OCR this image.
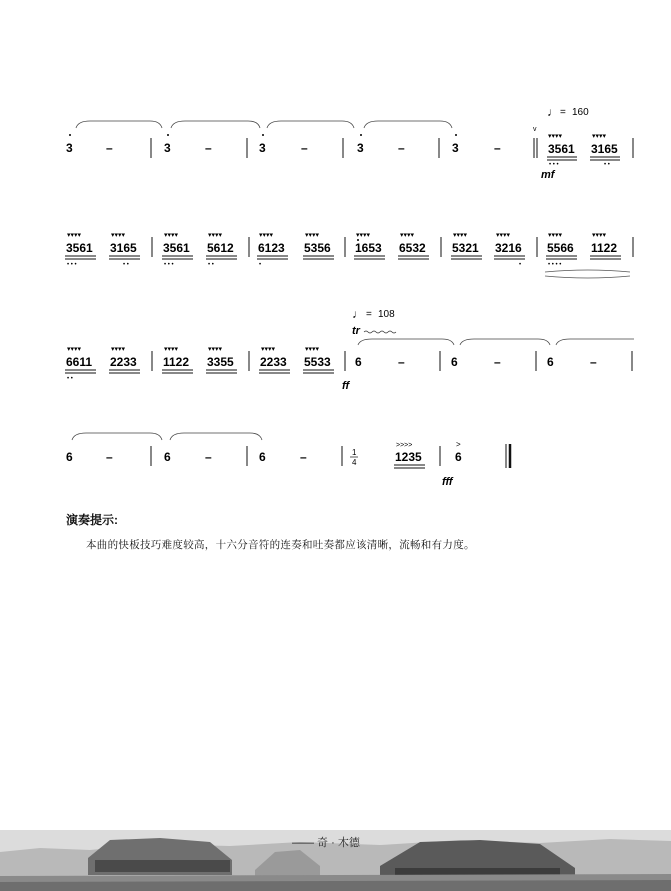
3	–	3	–	3	–	3	–	3	–
v
♩ = 160
▾▾▾▾
3561
• • •
▾▾▾▾
3165
• •
mf
▾▾▾▾
3561
• • •
▾▾▾▾
3165
• •
▾▾▾▾
3561
• • •
▾▾▾▾
5612
• •
▾▾▾▾
6123
•
▾▾▾▾
5356
▾▾▾▾
1653
▾▾▾▾
6532
▾▾▾▾
5321
▾▾▾▾
3216
•
▾▾▾▾
5566
• • • •
▾▾▾▾
1122
▾▾▾▾
6611
• •
▾▾▾▾
2233
▾▾▾▾
1122
▾▾▾▾
3355
▾▾▾▾
2233
▾▾▾▾
5533
♩ = 108
tr
6	–	6	–	6	–
ff
6	–	6	–	6	–	1
4
>>>>
1235
>
6
fff
演奏提示:
本曲的快板技巧难度较高，十六分音符的连奏和吐奏都应该清晰，流畅和有力度。
—— 奇 · 木德
